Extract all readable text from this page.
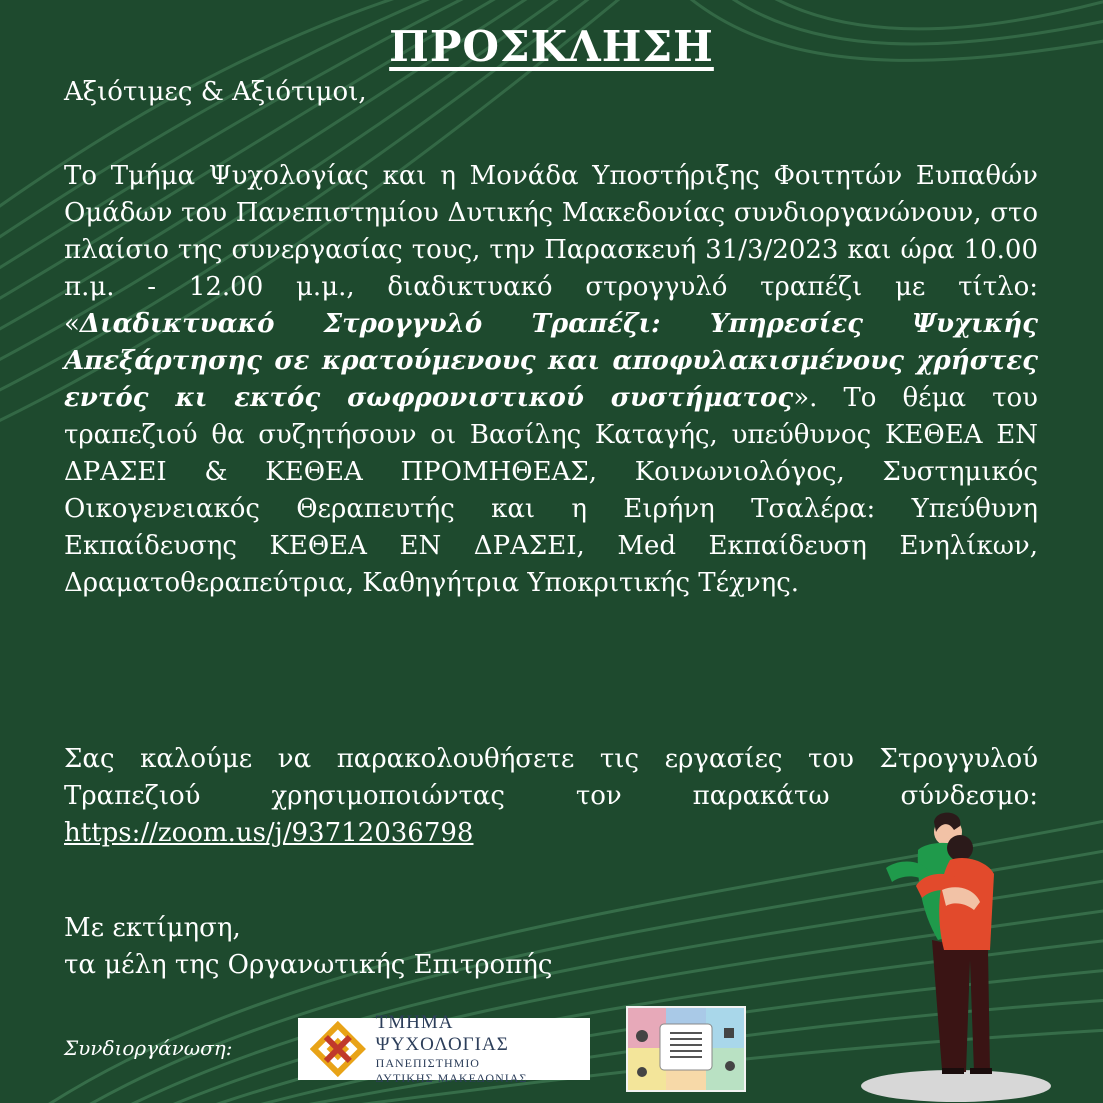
ΠΡΟΣΚΛΗΣΗ
Αξιότιμες & Αξιότιμοι,
Το Τμήμα Ψυχολογίας και η Μονάδα Υποστήριξης Φοιτητών Ευπαθών Ομάδων του Πανεπιστημίου Δυτικής Μακεδονίας συνδιοργανώνουν, στο πλαίσιο της συνεργασίας τους, την Παρασκευή 31/3/2023 και ώρα 10.00 π.μ. - 12.00 μ.μ., διαδικτυακό στρογγυλό τραπέζι με τίτλο: «Διαδικτυακό Στρογγυλό Τραπέζι: Υπηρεσίες Ψυχικής Απεξάρτησης σε κρατούμενους και αποφυλακισμένους χρήστες εντός κι εκτός σωφρονιστικού συστήματος». Το θέμα του τραπεζιού θα συζητήσουν οι Βασίλης Καταγής, υπεύθυνος ΚΕΘΕΑ ΕΝ ΔΡΑΣΕΙ & ΚΕΘΕΑ ΠΡΟΜΗΘΕΑΣ, Κοινωνιολόγος, Συστημικός Οικογενειακός Θεραπευτής και η Ειρήνη Τσαλέρα: Υπεύθυνη Εκπαίδευσης ΚΕΘΕΑ ΕΝ ΔΡΑΣΕΙ, Med Εκπαίδευση Ενηλίκων, Δραματοθεραπεύτρια, Καθηγήτρια Υποκριτικής Τέχνης.
Σας καλούμε να παρακολουθήσετε τις εργασίες του Στρογγυλού Τραπεζιού χρησιμοποιώντας τον παρακάτω σύνδεσμο: https://zoom.us/j/93712036798
Με εκτίμηση,
τα μέλη της Οργανωτικής Επιτροπής
Συνδιοργάνωση:
ΤΜΗΜΑ ΨΥΧΟΛΟΓΙΑΣ
ΠΑΝΕΠΙΣΤΗΜΙΟ
ΔΥΤΙΚΗΣ ΜΑΚΕΔΟΝΙΑΣ
